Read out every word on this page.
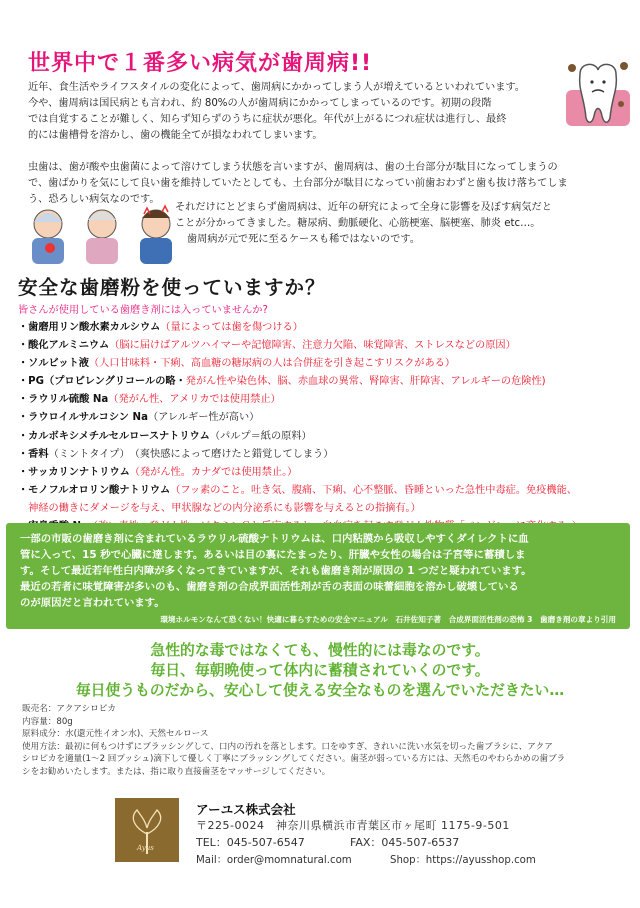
世界中で１番多い病気が歯周病!!
近年、食生活やライフスタイルの変化によって、歯周病にかかってしまう人が増えているといわれています。
今や、歯周病は国民病とも言われ、約 80%の人が歯周病にかかってしまっているのです。初期の段階
では自覚することが難しく、知らず知らずのうちに症状が悪化。年代が上がるにつれ症状は進行し、最終
的には歯槽骨を溶かし、歯の機能全てが損なわれてしまいます。
虫歯は、歯が酸や虫歯菌によって溶けてしまう状態を言いますが、歯周病は、歯の土台部分が駄目になってしまうの
で、歯ばかりを気にして良い歯を維持していたとしても、土台部分が駄目になってい前歯おわずと歯も抜け落ちてしま
う、恐ろしい病気なのです。
それだけにとどまらず歯周病は、近年の研究によって全身に影響を及ぼす病気だと
ことが分かってきました。糖尿病、動脈硬化、心筋梗塞、脳梗塞、肺炎 etc…。
歯周病が元で死に至るケースも稀ではないのです。
安全な歯磨粉を使っていますか？
皆さんが使用している歯磨き剤には入っていませんか?
・歯磨用リン酸水素カルシウム（量によっては歯を傷つける）
・酸化アルミニウム（脳に届けばアルツハイマーや記憶障害、注意力欠陥、味覚障害、ストレスなどの原因）
・ソルビット液（人口甘味料・下痢、高血糖の糖尿病の人は合併症を引き起こすリスクがある）
・PG（プロピレングリコールの略・発がん性や染色体、脳、赤血球の異常、腎障害、肝障害、アレルギーの危険性)
・ラウリル硫酸 Na（発がん性、アメリカでは使用禁止）
・ラウロイルサルコシン Na（アレルギー性が高い）
・カルボキシメチルセルロースナトリウム（パルプ＝紙の原料）
・香料（ミントタイプ）　（爽快感によって磨けたと錯覚してしまう）
・サッカリンナトリウム（発がん性。カナダでは使用禁止。）
・モノフルオロリン酸ナトリウム（フッ素のこと。吐き気、腹痛、下痢、心不整脈、昏睡といった急性中毒症。免疫機能、
　神経の働きにダメージを与え、甲状腺などの内分泌系にも影響を与えるとの指摘有。）
一部の市販の歯磨き剤に含まれているラウリル硫酸ナトリウムは、口内粘膜から吸収しやすくダイレクトに血
管に入って、15 秒で心臓に達します。あるいは目の裏にたまったり、肝臓や女性の場合は子宮等に蓄積しま
す。そして最近若年性白内障が多くなってきていますが、それも歯磨き剤が原因の 1 つだと疑われています。
最近の若者に味覚障害が多いのも、歯磨き剤の合成界面活性剤が舌の表面の味蕾細胞を溶かし破壊している
のが原因だと言われています。
環境ホルモンなんて恐くない！快適に暮らすための安全マニュアル　石井佐知子著　合成界面活性剤の恐怖 3　歯磨き剤の章より引用
急性的な毒ではなくても、慢性的には毒なのです。
毎日、毎朝晩使って体内に蓄積されていくのです。
毎日使うものだから、安心して使える安全なものを選んでいただきたい…
販売名：アクアシロピカ
内容量：80g
原料成分：水(還元性イオン水)、天然セルロース
使用方法：最初に何もつけずにブラッシングして、口内の汚れを落とします。口をゆすぎ、きれいに洗い水気を切った歯ブラシに、アクア
シロピカを適量(1〜2 回プッシュ)滴下して優しく丁寧にブラッシングしてください。歯茎が弱っている方には、天然毛のやわらかめの歯ブラ
シをお勧めいたします。または、指に取り直接歯茎をマッサージしてください。
Ayus
アーユス株式会社
〒225-0024　神奈川県横浜市青葉区市ヶ尾町 1175-9-501
TEL：045-507-6547	FAX：045-507-6537
Mail：order@momnatural.com	Shop：https://ayusshop.com
